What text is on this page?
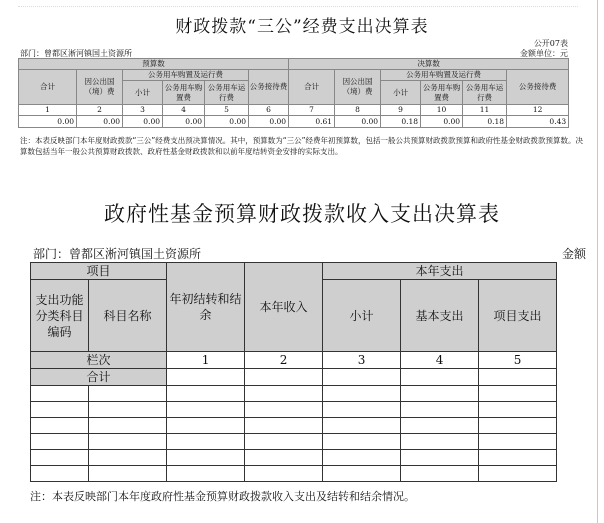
财政拨款“三公”经费支出决算表
公开07表
部门：曾都区淅河镇国土资源所	金额单位：元
预算数						决算数					
合计	因公出国（境）费	公务用车购置及运行费			公务接待费	合计	因公出国（境）费	公务用车购置及运行费			公务接待费
		小计	公务用车购置费	公务用车运行费				小计	公务用车购置费	公务用车运行费	
1	2	3	4	5	6	7	8	9	10	11	12
0.00	0.00	0.00	0.00	0.00	0.00	0.61	0.00	0.18	0.00	0.18	0.43
注：本表反映部门本年度财政拨款“三公”经费支出预决算情况。其中，预算数为“三公”经费年初预算数，包括一般公共预算财政拨款预算和政府性基金财政拨款预算数。决算数包括当年一般公共预算财政拨款、政府性基金财政拨款和以前年度结转资金安排的实际支出。
政府性基金预算财政拨款收入支出决算表
部门：曾都区淅河镇国土资源所	金额
项目		年初结转和结余	本年收入	本年支出		
支出功能分类科目编码	科目名称			小计	基本支出	项目支出
栏次		1	2	3	4	5
合计						

注：本表反映部门本年度政府性基金预算财政拨款收入支出及结转和结余情况。
